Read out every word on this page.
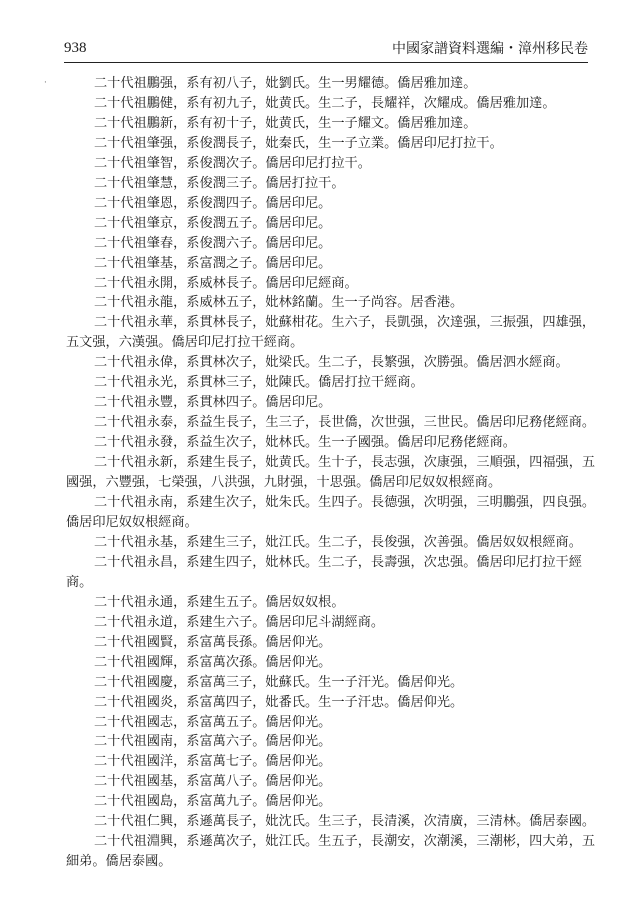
938	中國家譜資料選編・漳州移民卷
·	二十代祖鵬强，系有初八子，妣劉氏。生一男耀德。僑居雅加達。

二十代祖鵬健，系有初九子，妣黄氏。生二子，長耀祥，次耀成。僑居雅加達。

二十代祖鵬新，系有初十子，妣黄氏，生一子耀文。僑居雅加達。

二十代祖肇强，系俊潤長子，妣秦氏，生一子立業。僑居印尼打拉干。

二十代祖肇智，系俊潤次子。僑居印尼打拉干。

二十代祖肇慧，系俊潤三子。僑居打拉干。

二十代祖肇恩，系俊潤四子。僑居印尼。

二十代祖肇京，系俊潤五子。僑居印尼。

二十代祖肇春，系俊潤六子。僑居印尼。

二十代祖肇基，系富潤之子。僑居印尼。

二十代祖永開，系威林長子。僑居印尼經商。

二十代祖永龍，系威林五子，妣林銘蘭。生一子尚容。居香港。

二十代祖永華，系貫林長子，妣蘇柑花。生六子，長凱强，次達强，三振强，四雄强，五文强，六漢强。僑居印尼打拉干經商。

二十代祖永偉，系貫林次子，妣梁氏。生二子，長繁强，次勝强。僑居泗水經商。

二十代祖永光，系貫林三子，妣陳氏。僑居打拉干經商。

二十代祖永豐，系貫林四子。僑居印尼。

二十代祖永泰，系益生長子，生三子，長世僑，次世强，三世民。僑居印尼務佬經商。

二十代祖永發，系益生次子，妣林氏。生一子國强。僑居印尼務佬經商。

二十代祖永新，系建生長子，妣黄氏。生十子，長志强，次康强，三順强，四福强，五國强，六豐强，七榮强，八洪强，九財强，十思强。僑居印尼奴奴根經商。

二十代祖永南，系建生次子，妣朱氏。生四子。長德强，次明强，三明鵬强，四良强。僑居印尼奴奴根經商。

二十代祖永基，系建生三子，妣江氏。生二子，長俊强，次善强。僑居奴奴根經商。

二十代祖永昌，系建生四子，妣林氏。生二子，長壽强，次忠强。僑居印尼打拉干經商。

二十代祖永通，系建生五子。僑居奴奴根。

二十代祖永道，系建生六子。僑居印尼斗湖經商。

二十代祖國賢，系富萬長孫。僑居仰光。

二十代祖國輝，系富萬次孫。僑居仰光。

二十代祖國慶，系富萬三子，妣蘇氏。生一子汗光。僑居仰光。

二十代祖國炎，系富萬四子，妣番氏。生一子汗忠。僑居仰光。

二十代祖國志，系富萬五子。僑居仰光。

二十代祖國南，系富萬六子。僑居仰光。

二十代祖國洋，系富萬七子。僑居仰光。

二十代祖國基，系富萬八子。僑居仰光。

二十代祖國島，系富萬九子。僑居仰光。

二十代祖仁興，系遜萬長子，妣沈氏。生三子，長清溪，次清廣，三清林。僑居泰國。

二十代祖淵興，系遜萬次子，妣江氏。生五子，長潮安，次潮溪，三潮彬，四大弟，五細弟。僑居泰國。
